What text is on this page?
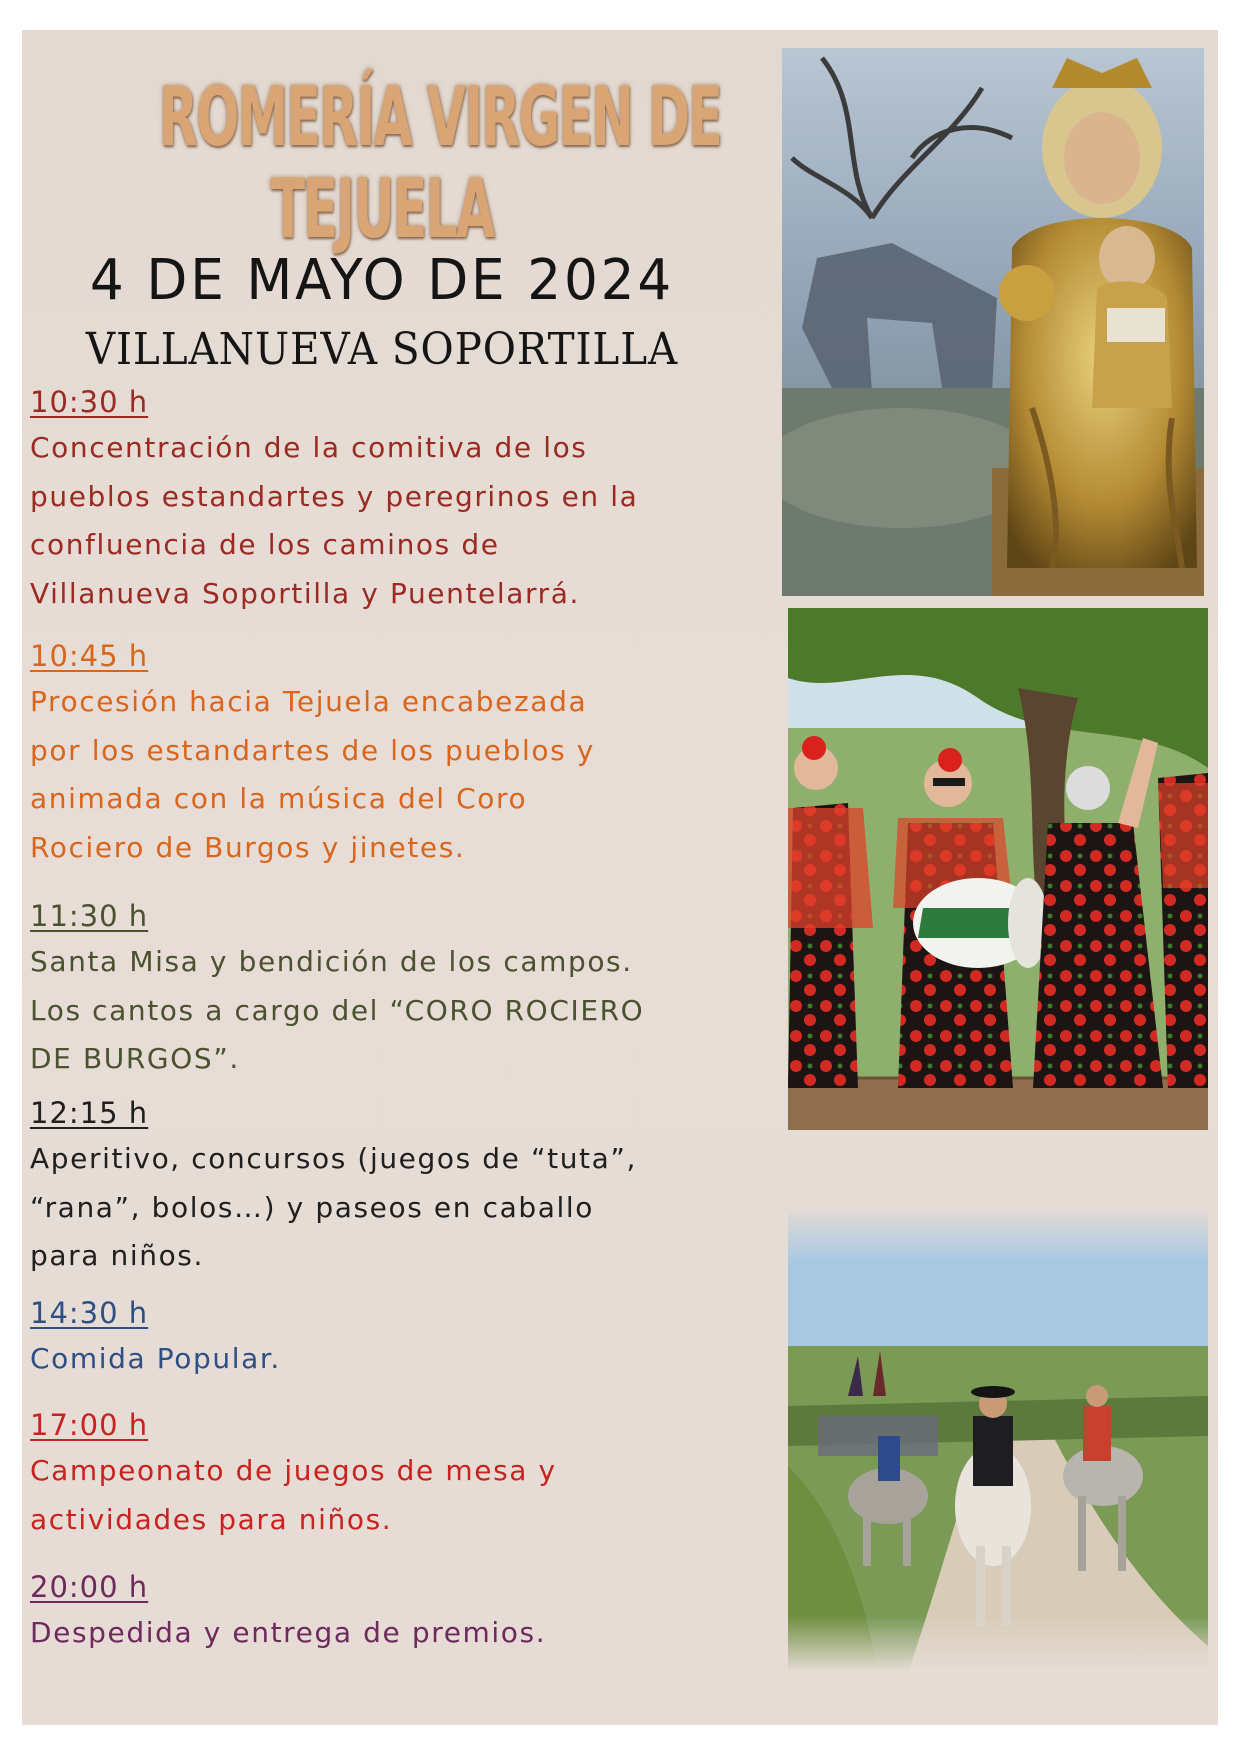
ROMERÍA VIRGEN DE
TEJUELA
4 DE MAYO DE 2024
VILLANUEVA SOPORTILLA
10:30 h
Concentración de la comitiva de los
pueblos estandartes y peregrinos en la
confluencia de los caminos de
Villanueva Soportilla y Puentelarrá.
10:45 h
Procesión hacia Tejuela encabezada
por los estandartes de los pueblos y
animada con la música del Coro
Rociero de Burgos y jinetes.
11:30 h
Santa Misa y bendición de los campos.
Los cantos a cargo del “CORO ROCIERO
DE BURGOS”.
12:15 h
Aperitivo, concursos (juegos de “tuta”,
“rana”, bolos…) y paseos en caballo
para niños.
14:30 h
Comida Popular.
17:00 h
Campeonato de juegos de mesa y
actividades para niños.
20:00 h
Despedida y entrega de premios.
